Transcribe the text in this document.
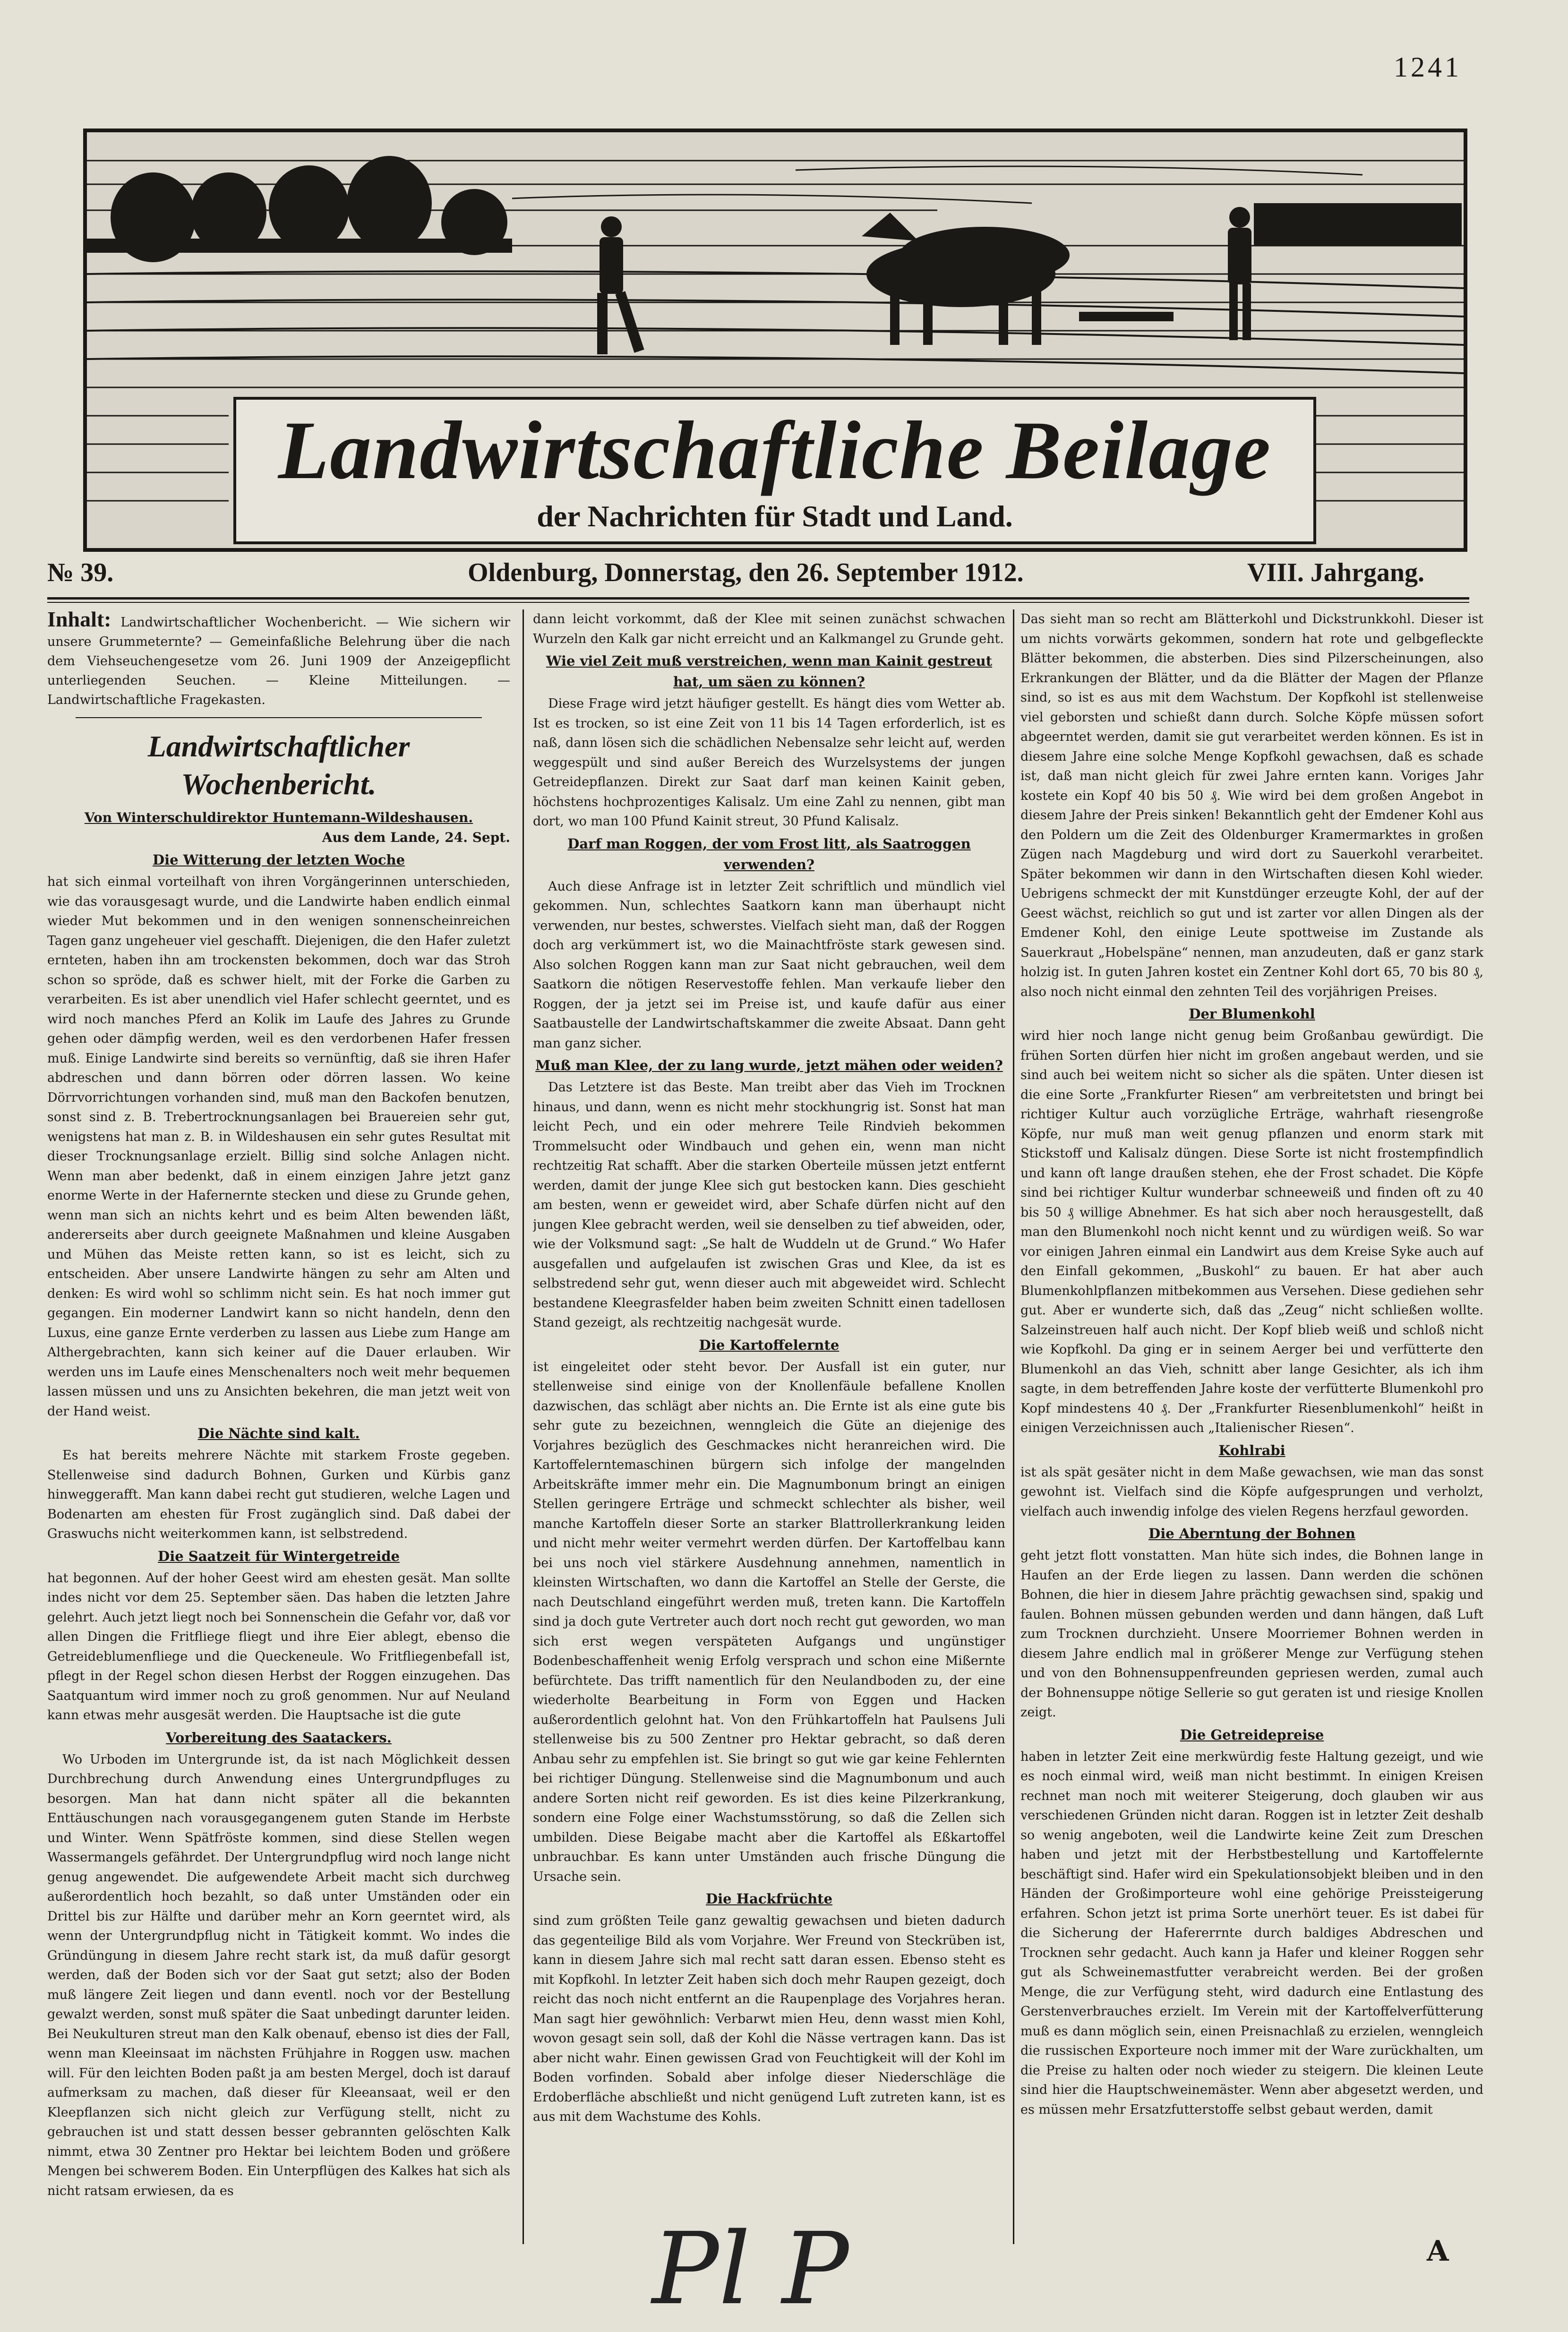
1241
Landwirtschaftliche Beilage
der Nachrichten für Stadt und Land.
№ 39.	Oldenburg, Donnerstag, den 26. September 1912.	VIII. Jahrgang.

Inhalt: Landwirtschaftlicher Wochenbericht. — Wie sichern wir unsere Grummeternte? — Gemeinfaßliche Belehrung über die nach dem Viehseuchengesetze vom 26. Juni 1909 der Anzeigepflicht unterliegenden Seuchen. — Kleine Mitteilungen. — Landwirtschaftliche Fragekasten.

Landwirtschaftlicher Wochenbericht.
Von Winterschuldirektor Huntemann-Wildeshausen.
Aus dem Lande, 24. Sept.
Die Witterung der letzten Woche

hat sich einmal vorteilhaft von ihren Vorgängerinnen unterschieden, wie das vorausgesagt wurde, und die Landwirte haben endlich einmal wieder Mut bekommen und in den wenigen sonnenscheinreichen Tagen ganz ungeheuer viel geschafft. Diejenigen, die den Hafer zuletzt ernteten, haben ihn am trockensten bekommen, doch war das Stroh schon so spröde, daß es schwer hielt, mit der Forke die Garben zu verarbeiten. Es ist aber unendlich viel Hafer schlecht geerntet, und es wird noch manches Pferd an Kolik im Laufe des Jahres zu Grunde gehen oder dämpfig werden, weil es den verdorbenen Hafer fressen muß. Einige Landwirte sind bereits so vernünftig, daß sie ihren Hafer abdreschen und dann börren oder dörren lassen. Wo keine Dörrvorrichtungen vorhanden sind, muß man den Backofen benutzen, sonst sind z. B. Trebertrocknungsanlagen bei Brauereien sehr gut, wenigstens hat man z. B. in Wildeshausen ein sehr gutes Resultat mit dieser Trocknungsanlage erzielt. Billig sind solche Anlagen nicht. Wenn man aber bedenkt, daß in einem einzigen Jahre jetzt ganz enorme Werte in der Hafernernte stecken und diese zu Grunde gehen, wenn man sich an nichts kehrt und es beim Alten bewenden läßt, andererseits aber durch geeignete Maßnahmen und kleine Ausgaben und Mühen das Meiste retten kann, so ist es leicht, sich zu entscheiden. Aber unsere Landwirte hängen zu sehr am Alten und denken: Es wird wohl so schlimm nicht sein. Es hat noch immer gut gegangen. Ein moderner Landwirt kann so nicht handeln, denn den Luxus, eine ganze Ernte verderben zu lassen aus Liebe zum Hange am Althergebrachten, kann sich keiner auf die Dauer erlauben. Wir werden uns im Laufe eines Menschenalters noch weit mehr bequemen lassen müssen und uns zu Ansichten bekehren, die man jetzt weit von der Hand weist.

Die Nächte sind kalt.

Es hat bereits mehrere Nächte mit starkem Froste gegeben. Stellenweise sind dadurch Bohnen, Gurken und Kürbis ganz hinweggerafft. Man kann dabei recht gut studieren, welche Lagen und Bodenarten am ehesten für Frost zugänglich sind. Daß dabei der Graswuchs nicht weiterkommen kann, ist selbstredend.

Die Saatzeit für Wintergetreide

hat begonnen. Auf der hoher Geest wird am ehesten gesät. Man sollte indes nicht vor dem 25. September säen. Das haben die letzten Jahre gelehrt. Auch jetzt liegt noch bei Sonnenschein die Gefahr vor, daß vor allen Dingen die Fritfliege fliegt und ihre Eier ablegt, ebenso die Getreideblumenfliege und die Queckeneule. Wo Fritfliegenbefall ist, pflegt in der Regel schon diesen Herbst der Roggen einzugehen. Das Saatquantum wird immer noch zu groß genommen. Nur auf Neuland kann etwas mehr ausgesät werden. Die Hauptsache ist die gute

Vorbereitung des Saatackers.

Wo Urboden im Untergrunde ist, da ist nach Möglichkeit dessen Durchbrechung durch Anwendung eines Untergrundpfluges zu besorgen. Man hat dann nicht später all die bekannten Enttäuschungen nach vorausgegangenem guten Stande im Herbste und Winter. Wenn Spätfröste kommen, sind diese Stellen wegen Wassermangels gefährdet. Der Untergrundpflug wird noch lange nicht genug angewendet. Die aufgewendete Arbeit macht sich durchweg außerordentlich hoch bezahlt, so daß unter Umständen oder ein Drittel bis zur Hälfte und darüber mehr an Korn geerntet wird, als wenn der Untergrundpflug nicht in Tätigkeit kommt. Wo indes die Gründüngung in diesem Jahre recht stark ist, da muß dafür gesorgt werden, daß der Boden sich vor der Saat gut setzt; also der Boden muß längere Zeit liegen und dann eventl. noch vor der Bestellung gewalzt werden, sonst muß später die Saat unbedingt darunter leiden. Bei Neukulturen streut man den Kalk obenauf, ebenso ist dies der Fall, wenn man Kleeinsaat im nächsten Frühjahre in Roggen usw. machen will. Für den leichten Boden paßt ja am besten Mergel, doch ist darauf aufmerksam zu machen, daß dieser für Kleeansaat, weil er den Kleepflanzen sich nicht gleich zur Verfügung stellt, nicht zu gebrauchen ist und statt dessen besser gebrannten gelöschten Kalk nimmt, etwa 30 Zentner pro Hektar bei leichtem Boden und größere Mengen bei schwerem Boden. Ein Unterpflügen des Kalkes hat sich als nicht ratsam erwiesen, da es

dann leicht vorkommt, daß der Klee mit seinen zunächst schwachen Wurzeln den Kalk gar nicht erreicht und an Kalkmangel zu Grunde geht.

Wie viel Zeit muß verstreichen, wenn man Kainit gestreut hat, um säen zu können?

Diese Frage wird jetzt häufiger gestellt. Es hängt dies vom Wetter ab. Ist es trocken, so ist eine Zeit von 11 bis 14 Tagen erforderlich, ist es naß, dann lösen sich die schädlichen Nebensalze sehr leicht auf, werden weggespült und sind außer Bereich des Wurzelsystems der jungen Getreidepflanzen. Direkt zur Saat darf man keinen Kainit geben, höchstens hochprozentiges Kalisalz. Um eine Zahl zu nennen, gibt man dort, wo man 100 Pfund Kainit streut, 30 Pfund Kalisalz.

Darf man Roggen, der vom Frost litt, als Saatroggen verwenden?

Auch diese Anfrage ist in letzter Zeit schriftlich und mündlich viel gekommen. Nun, schlechtes Saatkorn kann man überhaupt nicht verwenden, nur bestes, schwerstes. Vielfach sieht man, daß der Roggen doch arg verkümmert ist, wo die Mainachtfröste stark gewesen sind. Also solchen Roggen kann man zur Saat nicht gebrauchen, weil dem Saatkorn die nötigen Reservestoffe fehlen. Man verkaufe lieber den Roggen, der ja jetzt sei im Preise ist, und kaufe dafür aus einer Saatbaustelle der Landwirtschaftskammer die zweite Absaat. Dann geht man ganz sicher.

Muß man Klee, der zu lang wurde, jetzt mähen oder weiden?

Das Letztere ist das Beste. Man treibt aber das Vieh im Trocknen hinaus, und dann, wenn es nicht mehr stockhungrig ist. Sonst hat man leicht Pech, und ein oder mehrere Teile Rindvieh bekommen Trommelsucht oder Windbauch und gehen ein, wenn man nicht rechtzeitig Rat schafft. Aber die starken Oberteile müssen jetzt entfernt werden, damit der junge Klee sich gut bestocken kann. Dies geschieht am besten, wenn er geweidet wird, aber Schafe dürfen nicht auf den jungen Klee gebracht werden, weil sie denselben zu tief abweiden, oder, wie der Volksmund sagt: „Se halt de Wuddeln ut de Grund.“ Wo Hafer ausgefallen und aufgelaufen ist zwischen Gras und Klee, da ist es selbstredend sehr gut, wenn dieser auch mit abgeweidet wird. Schlecht bestandene Kleegrasfelder haben beim zweiten Schnitt einen tadellosen Stand gezeigt, als rechtzeitig nachgesät wurde.

Die Kartoffelernte

ist eingeleitet oder steht bevor. Der Ausfall ist ein guter, nur stellenweise sind einige von der Knollenfäule befallene Knollen dazwischen, das schlägt aber nichts an. Die Ernte ist als eine gute bis sehr gute zu bezeichnen, wenngleich die Güte an diejenige des Vorjahres bezüglich des Geschmackes nicht heranreichen wird. Die Kartoffelerntemaschinen bürgern sich infolge der mangelnden Arbeitskräfte immer mehr ein. Die Magnumbonum bringt an einigen Stellen geringere Erträge und schmeckt schlechter als bisher, weil manche Kartoffeln dieser Sorte an starker Blattrollerkrankung leiden und nicht mehr weiter vermehrt werden dürfen. Der Kartoffelbau kann bei uns noch viel stärkere Ausdehnung annehmen, namentlich in kleinsten Wirtschaften, wo dann die Kartoffel an Stelle der Gerste, die nach Deutschland eingeführt werden muß, treten kann. Die Kartoffeln sind ja doch gute Vertreter auch dort noch recht gut geworden, wo man sich erst wegen verspäteten Aufgangs und ungünstiger Bodenbeschaffenheit wenig Erfolg versprach und schon eine Mißernte befürchtete. Das trifft namentlich für den Neulandboden zu, der eine wiederholte Bearbeitung in Form von Eggen und Hacken außerordentlich gelohnt hat. Von den Frühkartoffeln hat Paulsens Juli stellenweise bis zu 500 Zentner pro Hektar gebracht, so daß deren Anbau sehr zu empfehlen ist. Sie bringt so gut wie gar keine Fehlernten bei richtiger Düngung. Stellenweise sind die Magnumbonum und auch andere Sorten nicht reif geworden. Es ist dies keine Pilzerkrankung, sondern eine Folge einer Wachstumsstörung, so daß die Zellen sich umbilden. Diese Beigabe macht aber die Kartoffel als Eßkartoffel unbrauchbar. Es kann unter Umständen auch frische Düngung die Ursache sein.

Die Hackfrüchte

sind zum größten Teile ganz gewaltig gewachsen und bieten dadurch das gegenteilige Bild als vom Vorjahre. Wer Freund von Steckrüben ist, kann in diesem Jahre sich mal recht satt daran essen. Ebenso steht es mit Kopfkohl. In letzter Zeit haben sich doch mehr Raupen gezeigt, doch reicht das noch nicht entfernt an die Raupenplage des Vorjahres heran. Man sagt hier gewöhnlich: Verbarwt mien Heu, denn wasst mien Kohl, wovon gesagt sein soll, daß der Kohl die Nässe vertragen kann. Das ist aber nicht wahr. Einen gewissen Grad von Feuchtigkeit will der Kohl im Boden vorfinden. Sobald aber infolge dieser Niederschläge die Erdoberfläche abschließt und nicht genügend Luft zutreten kann, ist es aus mit dem Wachstume des Kohls.

Das sieht man so recht am Blätterkohl und Dickstrunkkohl. Dieser ist um nichts vorwärts gekommen, sondern hat rote und gelbgefleckte Blätter bekommen, die absterben. Dies sind Pilzerscheinungen, also Erkrankungen der Blätter, und da die Blätter der Magen der Pflanze sind, so ist es aus mit dem Wachstum. Der Kopfkohl ist stellenweise viel geborsten und schießt dann durch. Solche Köpfe müssen sofort abgeerntet werden, damit sie gut verarbeitet werden können. Es ist in diesem Jahre eine solche Menge Kopfkohl gewachsen, daß es schade ist, daß man nicht gleich für zwei Jahre ernten kann. Voriges Jahr kostete ein Kopf 40 bis 50 ₰. Wie wird bei dem großen Angebot in diesem Jahre der Preis sinken! Bekanntlich geht der Emdener Kohl aus den Poldern um die Zeit des Oldenburger Kramermarktes in großen Zügen nach Magdeburg und wird dort zu Sauerkohl verarbeitet. Später bekommen wir dann in den Wirtschaften diesen Kohl wieder. Uebrigens schmeckt der mit Kunstdünger erzeugte Kohl, der auf der Geest wächst, reichlich so gut und ist zarter vor allen Dingen als der Emdener Kohl, den einige Leute spottweise im Zustande als Sauerkraut „Hobelspäne“ nennen, man anzudeuten, daß er ganz stark holzig ist. In guten Jahren kostet ein Zentner Kohl dort 65, 70 bis 80 ₰, also noch nicht einmal den zehnten Teil des vorjährigen Preises.

Der Blumenkohl

wird hier noch lange nicht genug beim Großanbau gewürdigt. Die frühen Sorten dürfen hier nicht im großen angebaut werden, und sie sind auch bei weitem nicht so sicher als die späten. Unter diesen ist die eine Sorte „Frankfurter Riesen“ am verbreitetsten und bringt bei richtiger Kultur auch vorzügliche Erträge, wahrhaft riesengroße Köpfe, nur muß man weit genug pflanzen und enorm stark mit Stickstoff und Kalisalz düngen. Diese Sorte ist nicht frostempfindlich und kann oft lange draußen stehen, ehe der Frost schadet. Die Köpfe sind bei richtiger Kultur wunderbar schneeweiß und finden oft zu 40 bis 50 ₰ willige Abnehmer. Es hat sich aber noch herausgestellt, daß man den Blumenkohl noch nicht kennt und zu würdigen weiß. So war vor einigen Jahren einmal ein Landwirt aus dem Kreise Syke auch auf den Einfall gekommen, „Buskohl“ zu bauen. Er hat aber auch Blumenkohlpflanzen mitbekommen aus Versehen. Diese gediehen sehr gut. Aber er wunderte sich, daß das „Zeug“ nicht schließen wollte. Salzeinstreuen half auch nicht. Der Kopf blieb weiß und schloß nicht wie Kopfkohl. Da ging er in seinem Aerger bei und verfütterte den Blumenkohl an das Vieh, schnitt aber lange Gesichter, als ich ihm sagte, in dem betreffenden Jahre koste der verfütterte Blumenkohl pro Kopf mindestens 40 ₰. Der „Frankfurter Riesenblumenkohl“ heißt in einigen Verzeichnissen auch „Italienischer Riesen“.

Kohlrabi

ist als spät gesäter nicht in dem Maße gewachsen, wie man das sonst gewohnt ist. Vielfach sind die Köpfe aufgesprungen und verholzt, vielfach auch inwendig infolge des vielen Regens herzfaul geworden.

Die Aberntung der Bohnen

geht jetzt flott vonstatten. Man hüte sich indes, die Bohnen lange in Haufen an der Erde liegen zu lassen. Dann werden die schönen Bohnen, die hier in diesem Jahre prächtig gewachsen sind, spakig und faulen. Bohnen müssen gebunden werden und dann hängen, daß Luft zum Trocknen durchzieht. Unsere Moorriemer Bohnen werden in diesem Jahre endlich mal in größerer Menge zur Verfügung stehen und von den Bohnensuppenfreunden gepriesen werden, zumal auch der Bohnensuppe nötige Sellerie so gut geraten ist und riesige Knollen zeigt.

Die Getreidepreise

haben in letzter Zeit eine merkwürdig feste Haltung gezeigt, und wie es noch einmal wird, weiß man nicht bestimmt. In einigen Kreisen rechnet man noch mit weiterer Steigerung, doch glauben wir aus verschiedenen Gründen nicht daran. Roggen ist in letzter Zeit deshalb so wenig angeboten, weil die Landwirte keine Zeit zum Dreschen haben und jetzt mit der Herbstbestellung und Kartoffelernte beschäftigt sind. Hafer wird ein Spekulationsobjekt bleiben und in den Händen der Großimporteure wohl eine gehörige Preissteigerung erfahren. Schon jetzt ist prima Sorte unerhört teuer. Es ist dabei für die Sicherung der Hafererrnte durch baldiges Abdreschen und Trocknen sehr gedacht. Auch kann ja Hafer und kleiner Roggen sehr gut als Schweinemastfutter verabreicht werden. Bei der großen Menge, die zur Verfügung steht, wird dadurch eine Entlastung des Gerstenverbrauches erzielt. Im Verein mit der Kartoffelverfütterung muß es dann möglich sein, einen Preisnachlaß zu erzielen, wenngleich die russischen Exporteure noch immer mit der Ware zurückhalten, um die Preise zu halten oder noch wieder zu steigern. Die kleinen Leute sind hier die Hauptschweinemäster. Wenn aber abgesetzt werden, und es müssen mehr Ersatzfutterstoffe selbst gebaut werden, damit

Pl P	A
